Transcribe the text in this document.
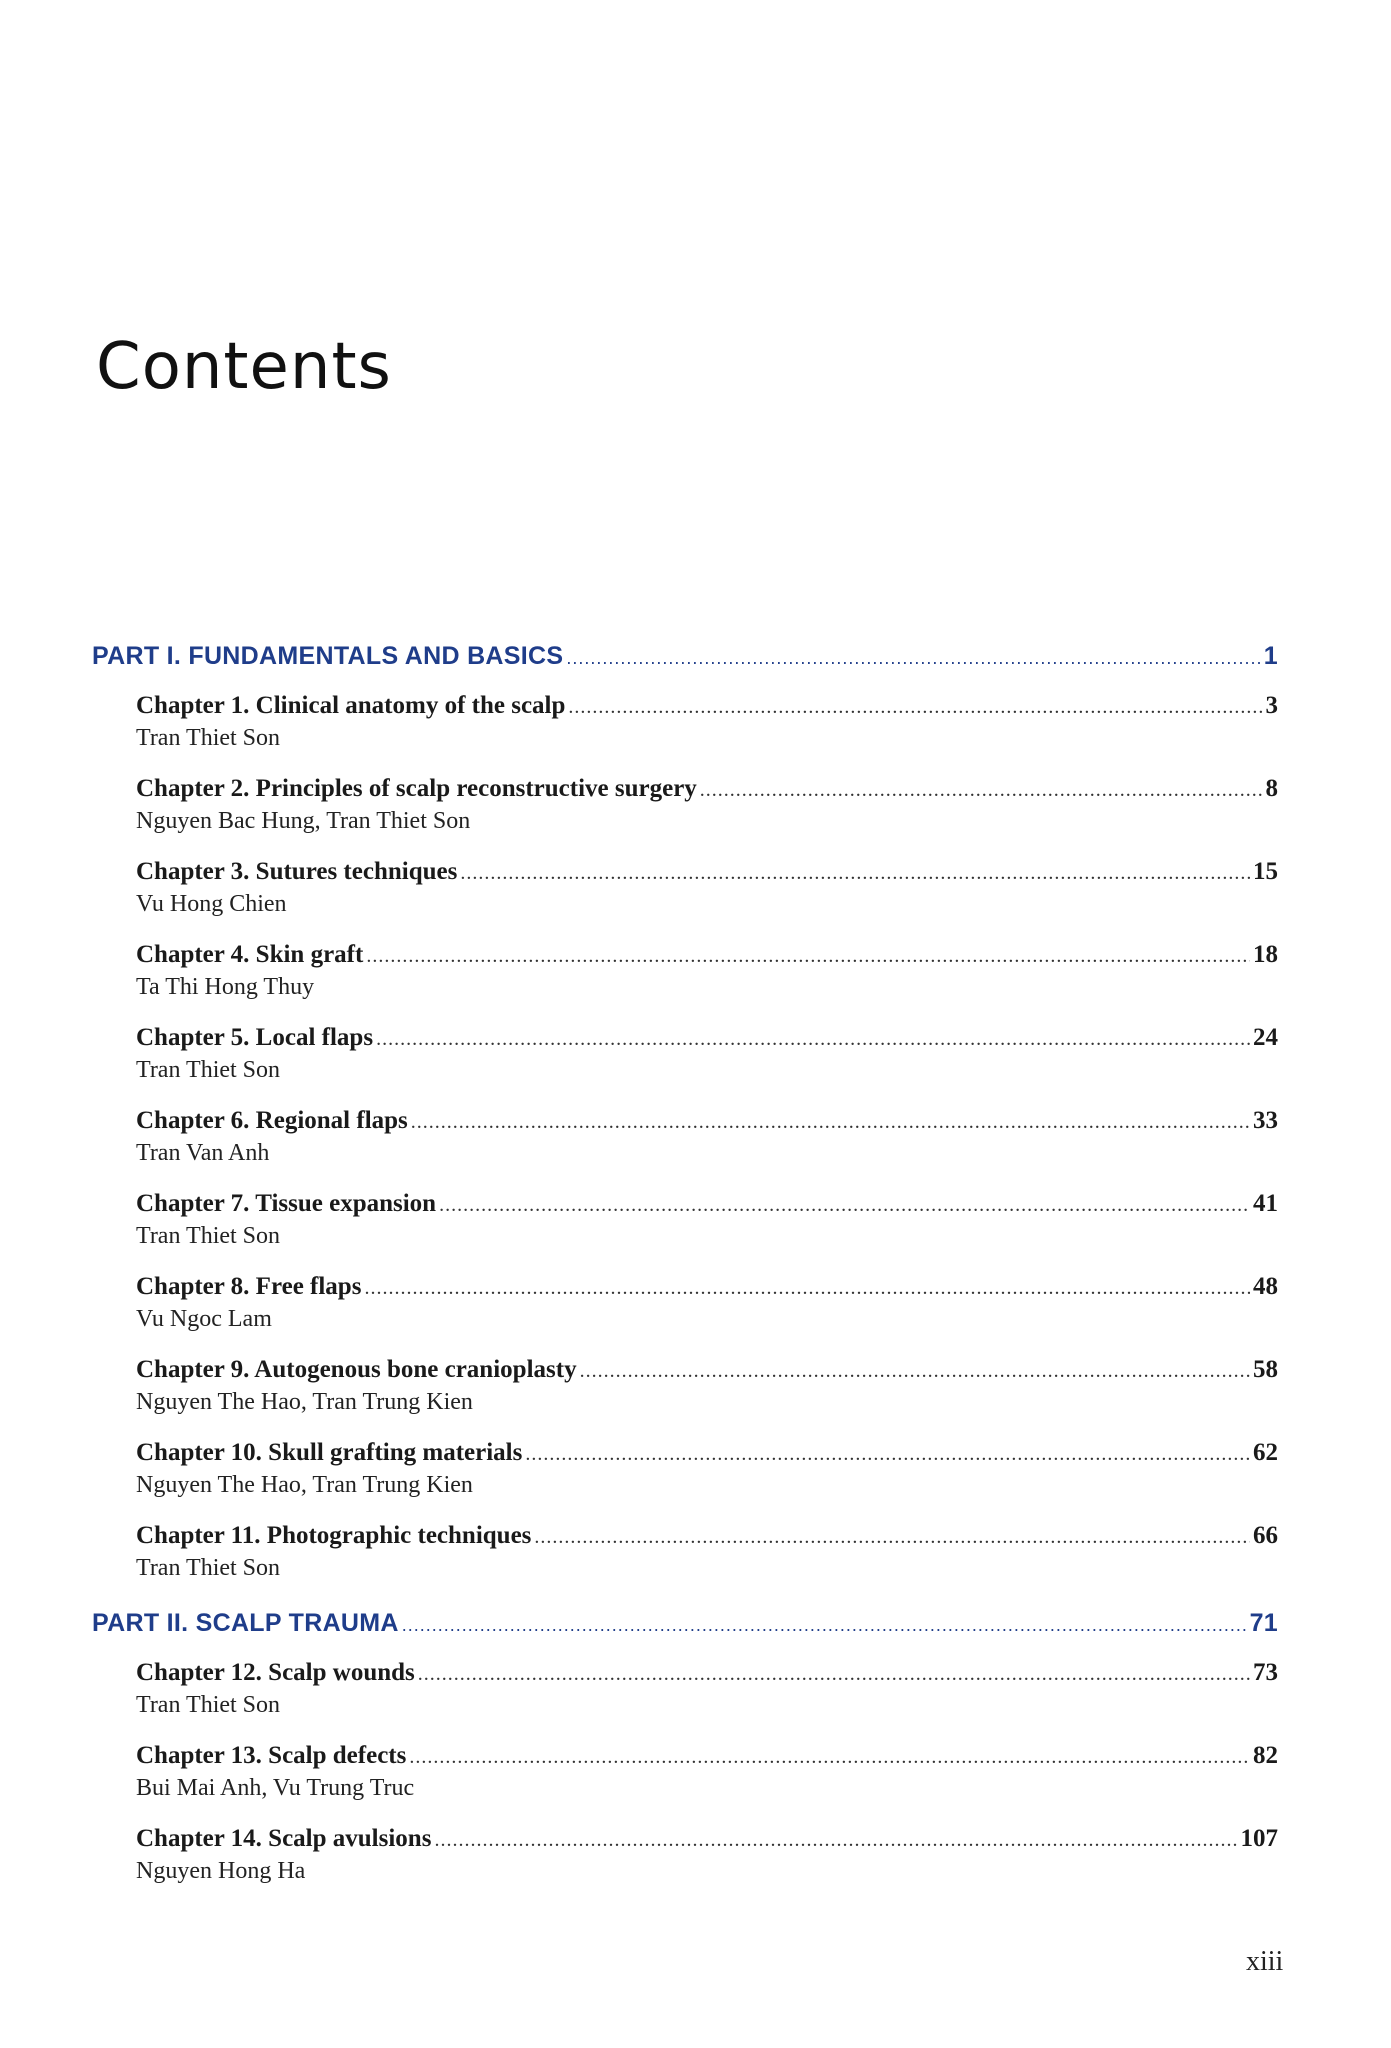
Contents
PART I. FUNDAMENTALS AND BASICS .....	1
Chapter 1. Clinical anatomy of the scalp .....	3
Tran Thiet Son
Chapter 2. Principles of scalp reconstructive surgery .....	8
Nguyen Bac Hung, Tran Thiet Son
Chapter 3. Sutures techniques .....	15
Vu Hong Chien
Chapter 4. Skin graft .....	18
Ta Thi Hong Thuy
Chapter 5. Local flaps .....	24
Tran Thiet Son
Chapter 6. Regional flaps .....	33
Tran Van Anh
Chapter 7. Tissue expansion .....	41
Tran Thiet Son
Chapter 8. Free flaps .....	48
Vu Ngoc Lam
Chapter 9. Autogenous bone cranioplasty .....	58
Nguyen The Hao, Tran Trung Kien
Chapter 10. Skull grafting materials .....	62
Nguyen The Hao, Tran Trung Kien
Chapter 11. Photographic techniques .....	66
Tran Thiet Son
PART II. SCALP TRAUMA .....	71
Chapter 12. Scalp wounds .....	73
Tran Thiet Son
Chapter 13. Scalp defects .....	82
Bui Mai Anh, Vu Trung Truc
Chapter 14. Scalp avulsions .....	107
Nguyen Hong Ha
xiii
